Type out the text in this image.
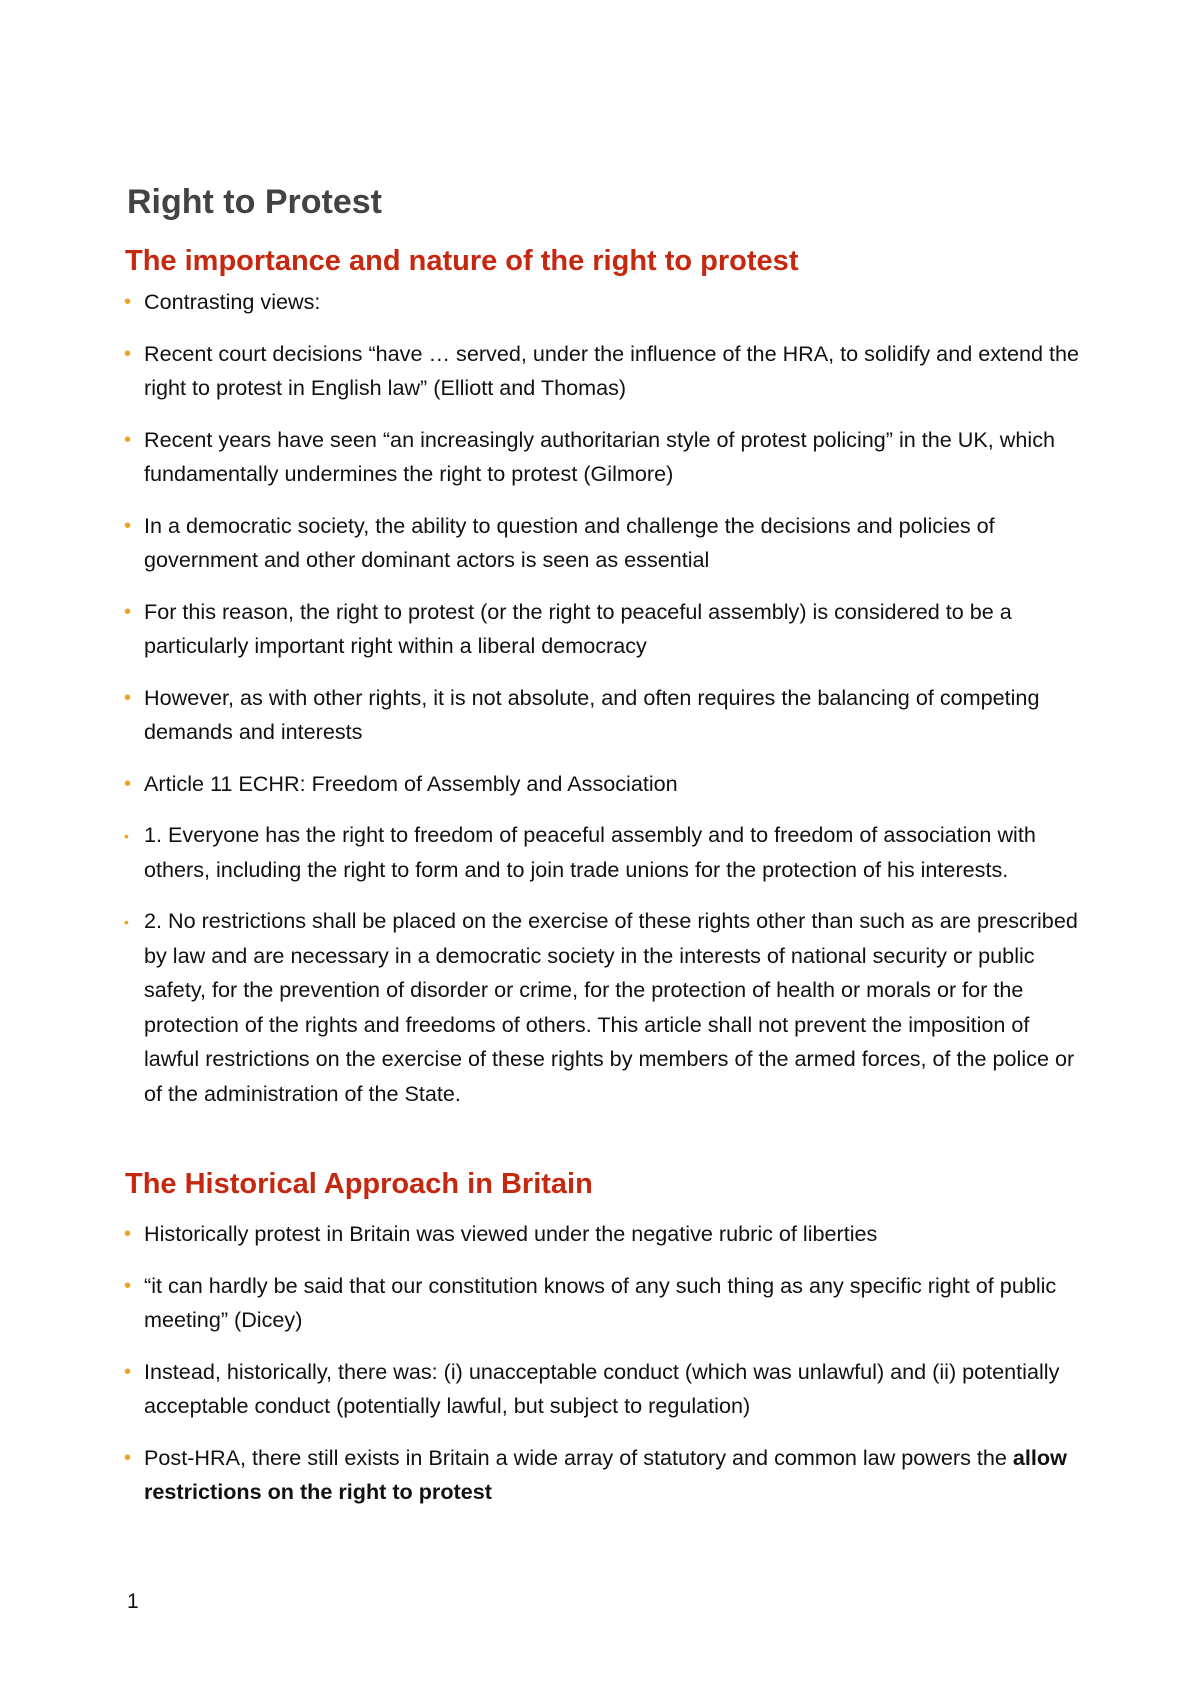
Right to Protest
The importance and nature of the right to protest
• Contrasting views:
• Recent court decisions “have … served, under the influence of the HRA, to solidify and extend the right to protest in English law” (Elliott and Thomas)
• Recent years have seen “an increasingly authoritarian style of protest policing” in the UK, which fundamentally undermines the right to protest (Gilmore)
• In a democratic society, the ability to question and challenge the decisions and policies of government and other dominant actors is seen as essential
• For this reason, the right to protest (or the right to peaceful assembly) is considered to be a particularly important right within a liberal democracy
• However, as with other rights, it is not absolute, and often requires the balancing of competing demands and interests
• Article 11 ECHR: Freedom of Assembly and Association
• 1. Everyone has the right to freedom of peaceful assembly and to freedom of association with others, including the right to form and to join trade unions for the protection of his interests.
• 2. No restrictions shall be placed on the exercise of these rights other than such as are prescribed by law and are necessary in a democratic society in the interests of national security or public safety, for the prevention of disorder or crime, for the protection of health or morals or for the protection of the rights and freedoms of others. This article shall not prevent the imposition of lawful restrictions on the exercise of these rights by members of the armed forces, of the police or of the administration of the State.
The Historical Approach in Britain
• Historically protest in Britain was viewed under the negative rubric of liberties
• “it can hardly be said that our constitution knows of any such thing as any specific right of public meeting” (Dicey)
• Instead, historically, there was: (i) unacceptable conduct (which was unlawful) and (ii) potentially acceptable conduct (potentially lawful, but subject to regulation)
• Post-HRA, there still exists in Britain a wide array of statutory and common law powers the allow restrictions on the right to protest
1
